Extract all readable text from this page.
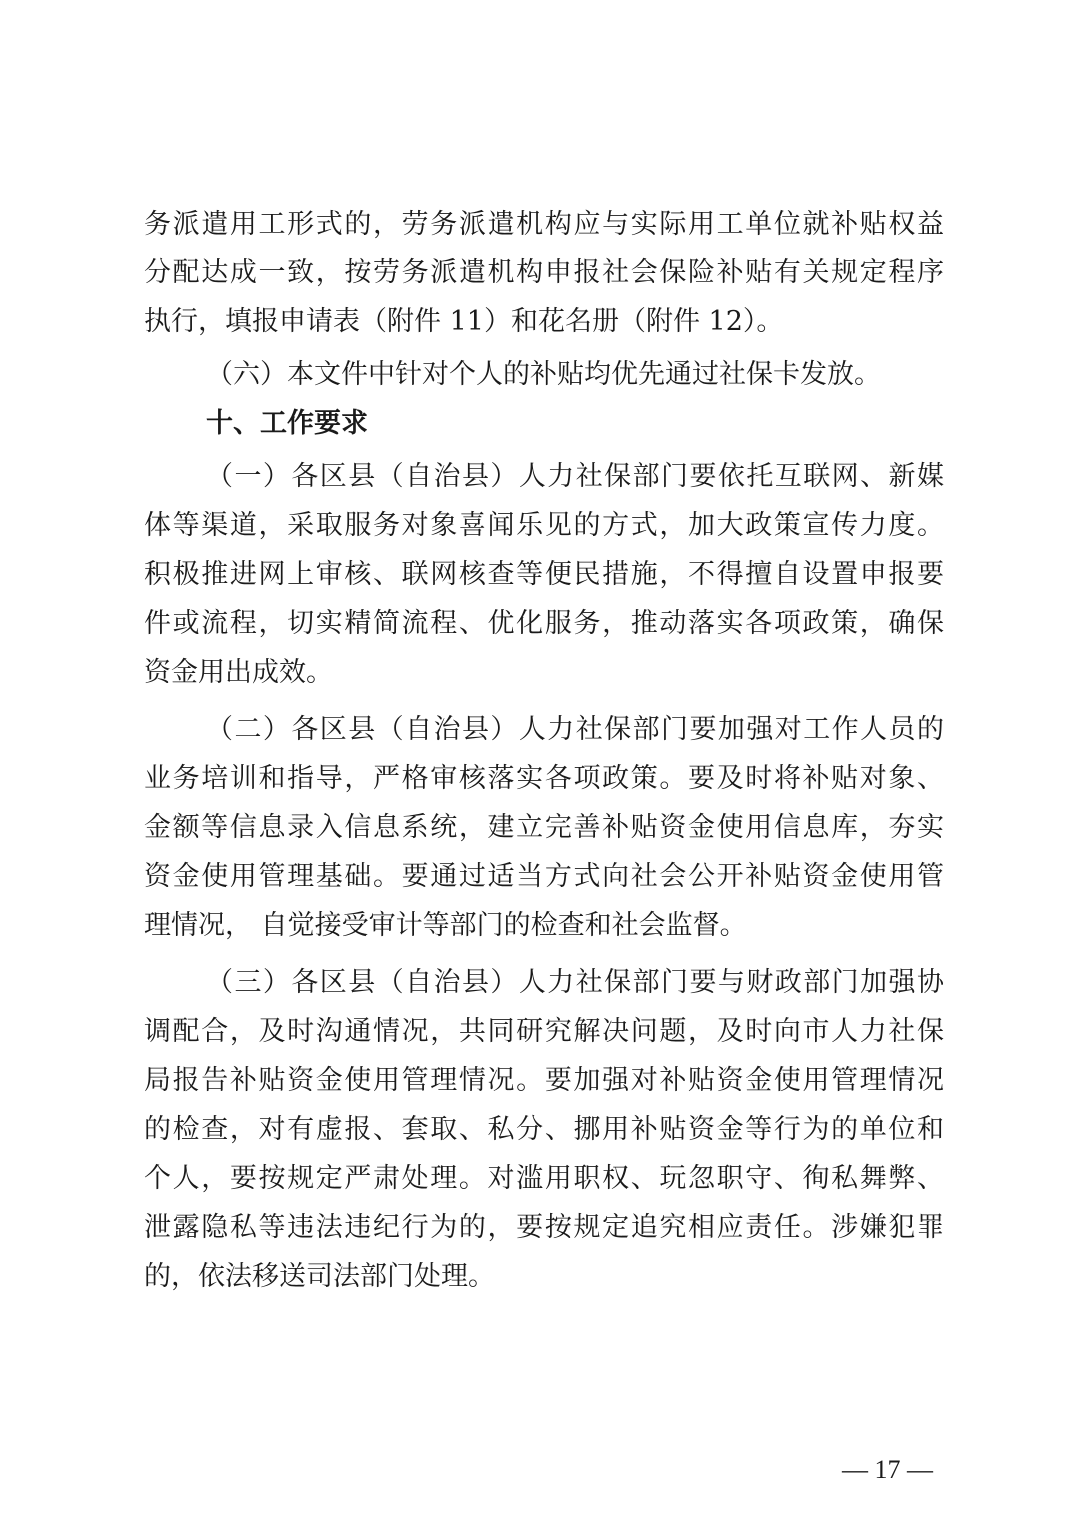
务派遣用工形式的，劳务派遣机构应与实际用工单位就补贴权益
分配达成一致，按劳务派遣机构申报社会保险补贴有关规定程序
执行，填报申请表（附件 11）和花名册（附件 12）。
（六）本文件中针对个人的补贴均优先通过社保卡发放。
十、工作要求
（一）各区县（自治县）人力社保部门要依托互联网、新媒
体等渠道，采取服务对象喜闻乐见的方式，加大政策宣传力度。
积极推进网上审核、联网核查等便民措施，不得擅自设置申报要
件或流程，切实精简流程、优化服务，推动落实各项政策，确保
资金用出成效。
（二）各区县（自治县）人力社保部门要加强对工作人员的
业务培训和指导，严格审核落实各项政策。要及时将补贴对象、
金额等信息录入信息系统，建立完善补贴资金使用信息库，夯实
资金使用管理基础。要通过适当方式向社会公开补贴资金使用管
理情况， 自觉接受审计等部门的检查和社会监督。
（三）各区县（自治县）人力社保部门要与财政部门加强协
调配合，及时沟通情况，共同研究解决问题，及时向市人力社保
局报告补贴资金使用管理情况。要加强对补贴资金使用管理情况
的检查，对有虚报、套取、私分、挪用补贴资金等行为的单位和
个人，要按规定严肃处理。对滥用职权、玩忽职守、徇私舞弊、
泄露隐私等违法违纪行为的，要按规定追究相应责任。涉嫌犯罪
的，依法移送司法部门处理。
— 17 —
